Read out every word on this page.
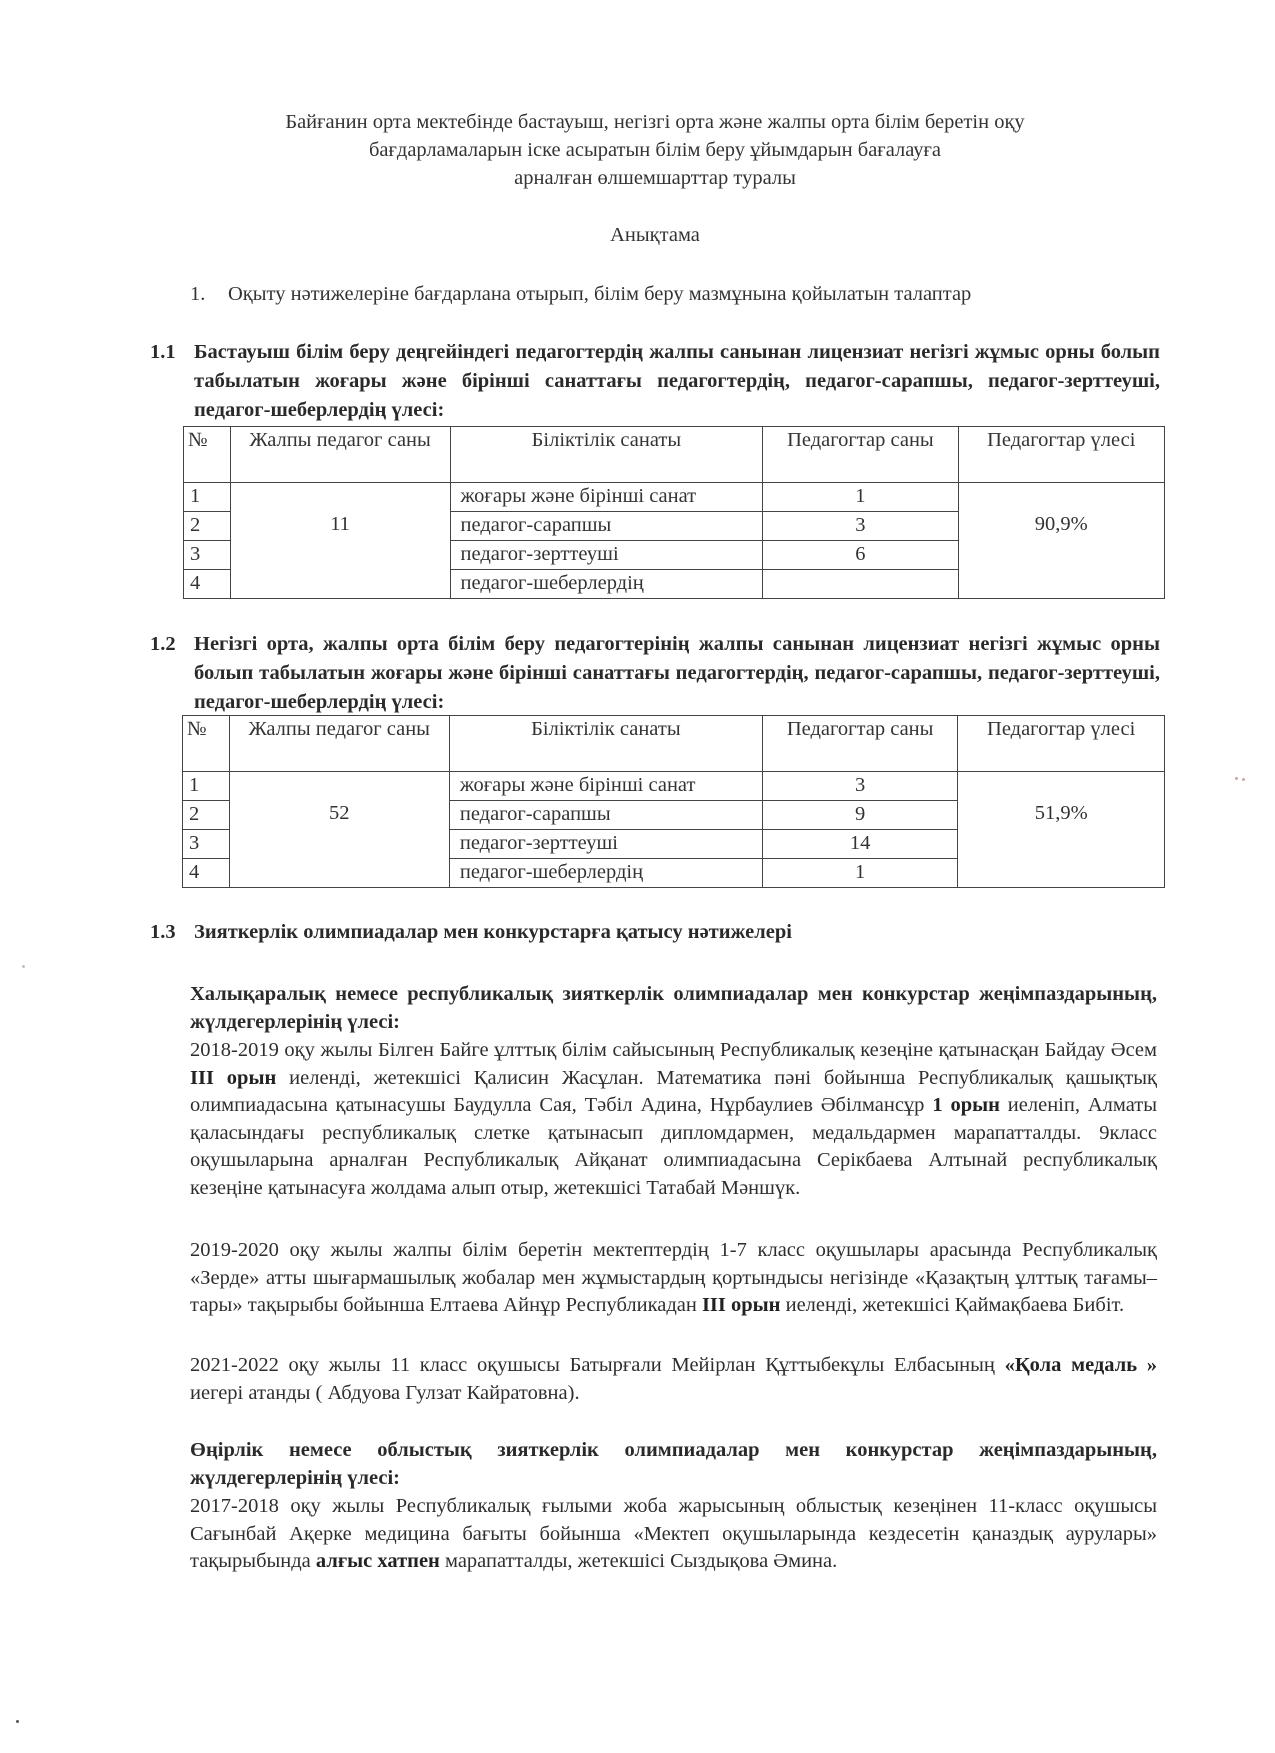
Байғанин орта мектебінде бастауыш, негізгі орта және жалпы орта білім беретін оқу
бағдарламаларын іске асыратын білім беру ұйымдарын бағалауға
арналған өлшемшарттар туралы
Анықтама
1. Оқыту нәтижелеріне бағдарлана отырып, білім беру мазмұнына қойылатын талаптар
1.1 Бастауыш білім беру деңгейіндегі педагогтердің жалпы санынан лицензиат негізгі жұмыс орны болып табылатын жоғары және бірінші санаттағы педагогтердің, педагог-сарапшы, педагог-зерттеуші, педагог-шеберлердің үлесі:
№	Жалпы педагог саны	Біліктілік санаты	Педагогтар саны	Педагогтар үлесі
1	11	жоғары және бірінші санат	1	90,9%
2		педагог-сарапшы	3	
3		педагог-зерттеуші	6	
4		педагог-шеберлердің		
1.2 Негізгі орта, жалпы орта білім беру педагогтерінің жалпы санынан лицензиат негізгі жұмыс орны болып табылатын жоғары және бірінші санаттағы педагогтердің, педагог-сарапшы, педагог-зерттеуші, педагог-шеберлердің үлесі:
№	Жалпы педагог саны	Біліктілік санаты	Педагогтар саны	Педагогтар үлесі
1	52	жоғары және бірінші санат	3	51,9%
2		педагог-сарапшы	9	
3		педагог-зерттеуші	14	
4		педагог-шеберлердің	1	
1.3 Зияткерлік олимпиадалар мен конкурстарға қатысу нәтижелері
Халықаралық немесе республикалық зияткерлік олимпиадалар мен конкурстар жеңімпаздарының, жүлдегерлерінің үлесі:
2018-2019 оқу жылы Білген Байге ұлттық білім сайысының Республикалық кезеңіне қатынасқан Байдау Әсем ІІІ орын иеленді, жетекшісі Қалисин Жасұлан. Математика пәні бойынша Республикалық қашықтық олимпиадасына қатынасушы Баудулла Сая, Тәбіл Адина, Нұрбаулиев Әбілмансұр 1 орын иеленіп, Алматы қаласындағы республикалық слетке қатынасып дипломдармен, медальдармен марапатталды. 9класс оқушыларына арналған Республикалық Айқанат олимпиадасына Серікбаева Алтынай республикалық кезеңіне қатынасуға жолдама алып отыр, жетекшісі Татабай Мәншүк.
2019-2020 оқу жылы жалпы білім беретін мектептердің 1-7 класс оқушылары арасында Республикалық «Зерде» атты шығармашылық жобалар мен жұмыстардың қортындысы негізінде «Қазақтың ұлттық тағамы–тары» тақырыбы бойынша Елтаева Айнұр Республикадан ІІІ орын иеленді, жетекшісі Қаймақбаева Бибіт.
2021-2022 оқу жылы 11 класс оқушысы Батырғали Мейірлан Құттыбекұлы Елбасының «Қола медаль » иегері атанды ( Абдуова Гулзат Кайратовна).
Өңірлік немесе облыстық зияткерлік олимпиадалар мен конкурстар жеңімпаздарының, жүлдегерлерінің үлесі:
2017-2018 оқу жылы Республикалық ғылыми жоба жарысының облыстық кезеңінен 11-класс оқушысы Сағынбай Ақерке медицина бағыты бойынша «Мектеп оқушыларында кездесетін қаназдық аурулары» тақырыбында алғыс хатпен марапатталды, жетекшісі Сыздықова Әмина.
